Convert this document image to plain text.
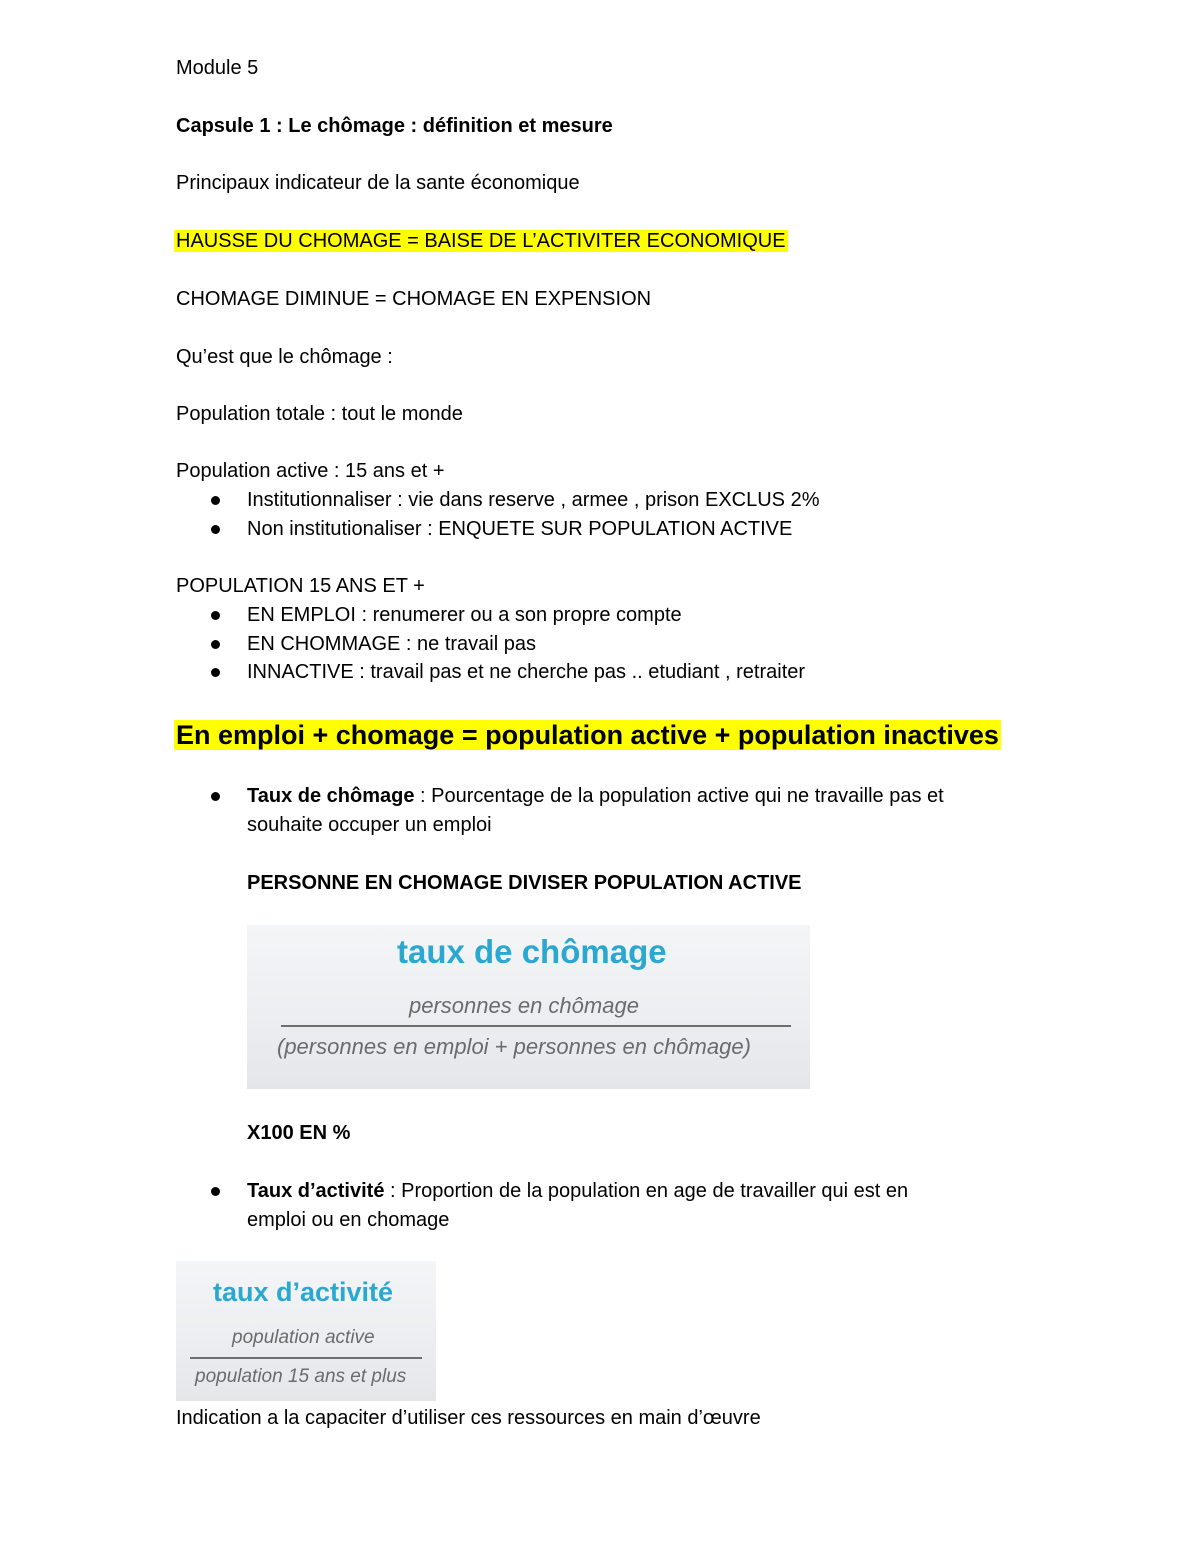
Module 5
Capsule 1 : Le chômage : définition et mesure
Principaux indicateur de la sante économique
HAUSSE DU CHOMAGE = BAISE DE L’ACTIVITER ECONOMIQUE
CHOMAGE DIMINUE = CHOMAGE EN EXPENSION
Qu’est que le chômage :
Population totale : tout le monde
Population active : 15 ans et +
Institutionnaliser : vie dans reserve , armee , prison EXCLUS 2%
Non institutionaliser : ENQUETE SUR POPULATION ACTIVE
POPULATION 15 ANS ET +
EN EMPLOI : renumerer ou a son propre compte
EN CHOMMAGE : ne travail pas
INNACTIVE : travail pas et ne cherche pas .. etudiant , retraiter
En emploi + chomage = population active + population inactives
Taux de chômage : Pourcentage de la population active qui ne travaille pas et
souhaite occuper un emploi
PERSONNE EN CHOMAGE DIVISER POPULATION ACTIVE
taux de chômage
personnes en chômage
(personnes en emploi + personnes en chômage)
X100 EN %
Taux d’activité : Proportion de la population en age de travailler qui est en
emploi ou en chomage
taux d’activité
population active
population 15 ans et plus
Indication a la capaciter d’utiliser ces ressources en main d’œuvre
